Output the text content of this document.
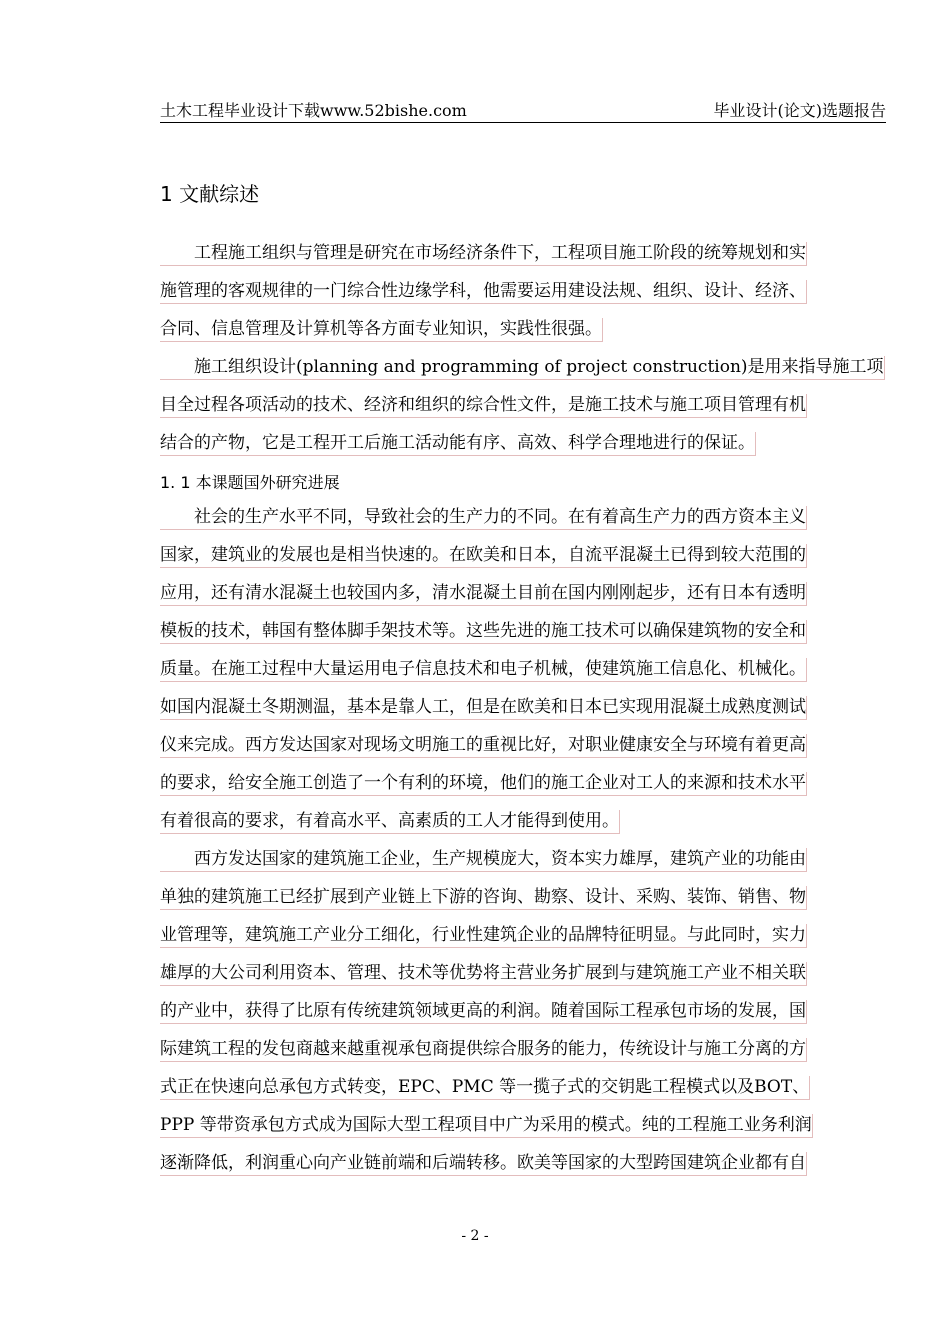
土木工程毕业设计下载www.52bishe.com	毕业设计(论文)选题报告
1 文献综述
　　工程施工组织与管理是研究在市场经济条件下，工程项目施工阶段的统筹规划和实
施管理的客观规律的一门综合性边缘学科，他需要运用建设法规、组织、设计、经济、
合同、信息管理及计算机等各方面专业知识，实践性很强。
　　施工组织设计(planning and programming of project construction)是用来指导施工项
目全过程各项活动的技术、经济和组织的综合性文件，是施工技术与施工项目管理有机
结合的产物，它是工程开工后施工活动能有序、高效、科学合理地进行的保证。
1. 1 本课题国外研究进展
　　社会的生产水平不同，导致社会的生产力的不同。在有着高生产力的西方资本主义
国家，建筑业的发展也是相当快速的。在欧美和日本，自流平混凝土已得到较大范围的
应用，还有清水混凝土也较国内多，清水混凝土目前在国内刚刚起步，还有日本有透明
模板的技术，韩国有整体脚手架技术等。这些先进的施工技术可以确保建筑物的安全和
质量。在施工过程中大量运用电子信息技术和电子机械，使建筑施工信息化、机械化。
如国内混凝土冬期测温，基本是靠人工，但是在欧美和日本已实现用混凝土成熟度测试
仪来完成。西方发达国家对现场文明施工的重视比好，对职业健康安全与环境有着更高
的要求，给安全施工创造了一个有利的环境，他们的施工企业对工人的来源和技术水平
有着很高的要求，有着高水平、高素质的工人才能得到使用。
　　西方发达国家的建筑施工企业，生产规模庞大，资本实力雄厚，建筑产业的功能由
单独的建筑施工已经扩展到产业链上下游的咨询、勘察、设计、采购、装饰、销售、物
业管理等，建筑施工产业分工细化，行业性建筑企业的品牌特征明显。与此同时，实力
雄厚的大公司利用资本、管理、技术等优势将主营业务扩展到与建筑施工产业不相关联
的产业中，获得了比原有传统建筑领域更高的利润。随着国际工程承包市场的发展，国
际建筑工程的发包商越来越重视承包商提供综合服务的能力，传统设计与施工分离的方
式正在快速向总承包方式转变，EPC、PMC 等一揽子式的交钥匙工程模式以及BOT、
PPP 等带资承包方式成为国际大型工程项目中广为采用的模式。纯的工程施工业务利润
逐渐降低，利润重心向产业链前端和后端转移。欧美等国家的大型跨国建筑企业都有自
- 2 -
